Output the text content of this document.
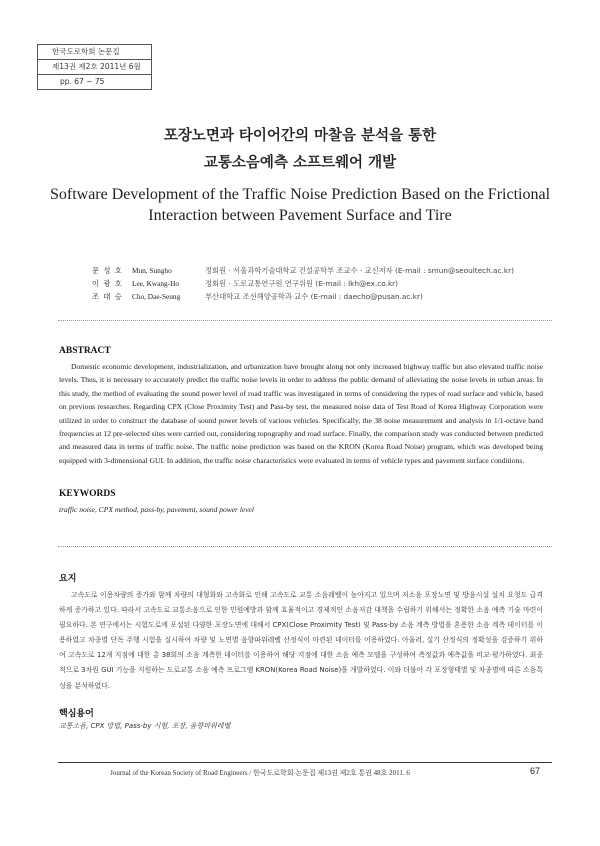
한국도로학회 논문집
제13권 제2호 2011년 6월
pp. 67 ~ 75
포장노면과 타이어간의 마찰음 분석을 통한
교통소음예측 소프트웨어 개발
Software Development of the Traffic Noise Prediction Based on the Frictional
Interaction between Pavement Surface and Tire
문 성 호 Mun, Sungho	정회원 · 서울과학기술대학교 건설공학부 조교수 · 교신저자 (E-mail : smun@seoultech.ac.kr)
이 광 호 Lee, Kwang-Ho	정회원 · 도로교통연구원 연구위원 (E-mail : lkh@ex.co.kr)
조 대 승 Cho, Dae-Seung	부산대학교 조선해양공학과 교수 (E-mail : daecho@pusan.ac.kr)
ABSTRACT

Domestic economic development, industrialization, and urbanization have brought along not only increased highway traffic but also elevated traffic noise levels. Thus, it is necessary to accurately predict the traffic noise levels in order to address the public demand of alleviating the noise levels in urban areas. In this study, the method of evaluating the sound power level of road traffic was investigated in terms of considering the types of road surface and vehicle, based on previous researches. Regarding CPX (Close Proximity Test) and Pass-by test, the measured noise data of Test Road of Korea Highway Corporation were utilized in order to construct the database of sound power levels of various vehicles. Specifically, the 38 noise measurement and analysis in 1/1-octave band frequencies at 12 pre-selected sites were carried out, considering topography and road surface. Finally, the comparison study was conducted between predicted and measured data in terms of traffic noise. The traffic noise prediction was based on the KRON (Korea Road Noise) program, which was developed being equipped with 3-dimensional GUI. In addition, the traffic noise characteristics were evaluated in terms of vehicle types and pavement surface conditions.

KEYWORDS
traffic noise, CPX method, pass-by, pavement, sound power level
요지

고속도로 이용차량의 증가와 함께 차량의 대형화와 고속화로 인해 고속도로 교통 소음레벨이 높아지고 있으며 저소음 포장노면 및 방음시설 설치 요청도 급격하게 증가하고 있다. 따라서 고속도로 교통소음으로 인한 민원예방과 함께 효율적이고 경제적인 소음저감 대책을 수립하기 위해서는 정확한 소음 예측 기술 마련이 필요하다. 본 연구에서는 시험도로에 포설된 다양한 포장노면에 대해서 CPX(Close Proximity Test) 및 Pass-by 소음 계측 방법을 혼용한 소음 계측 데이터를 이용하였고 차종별 단독 주행 시험을 실시하여 차량 및 노면별 음향파워레벨 산정식이 마련된 데이터를 이용하였다. 아울러, 실기 산정식의 정확성을 검증하기 위하여 고속도로 12개 지점에 대한 총 38회의 소음 계측한 데이터를 이용하여 해당 지점에 대한 소음 예측 모델을 구성하여 측정값과 예측값을 비교·평가하였다. 최종적으로 3차원 GUI 기능을 지원하는 도로교통 소음 예측 프로그램 KRON(Korea Road Noise)을 개발하였다. 이와 더불어 각 포장형태별 및 차종별에 따른 소음특성을 분석하였다.

핵심용어
교통소음, CPX 방법, Pass-by 시험, 포장, 음향파워레벨
Journal of the Korean Society of Road Engineers / 한국도로학회 논문집 제13권 제2호 통권 48호 2011. 6	67
